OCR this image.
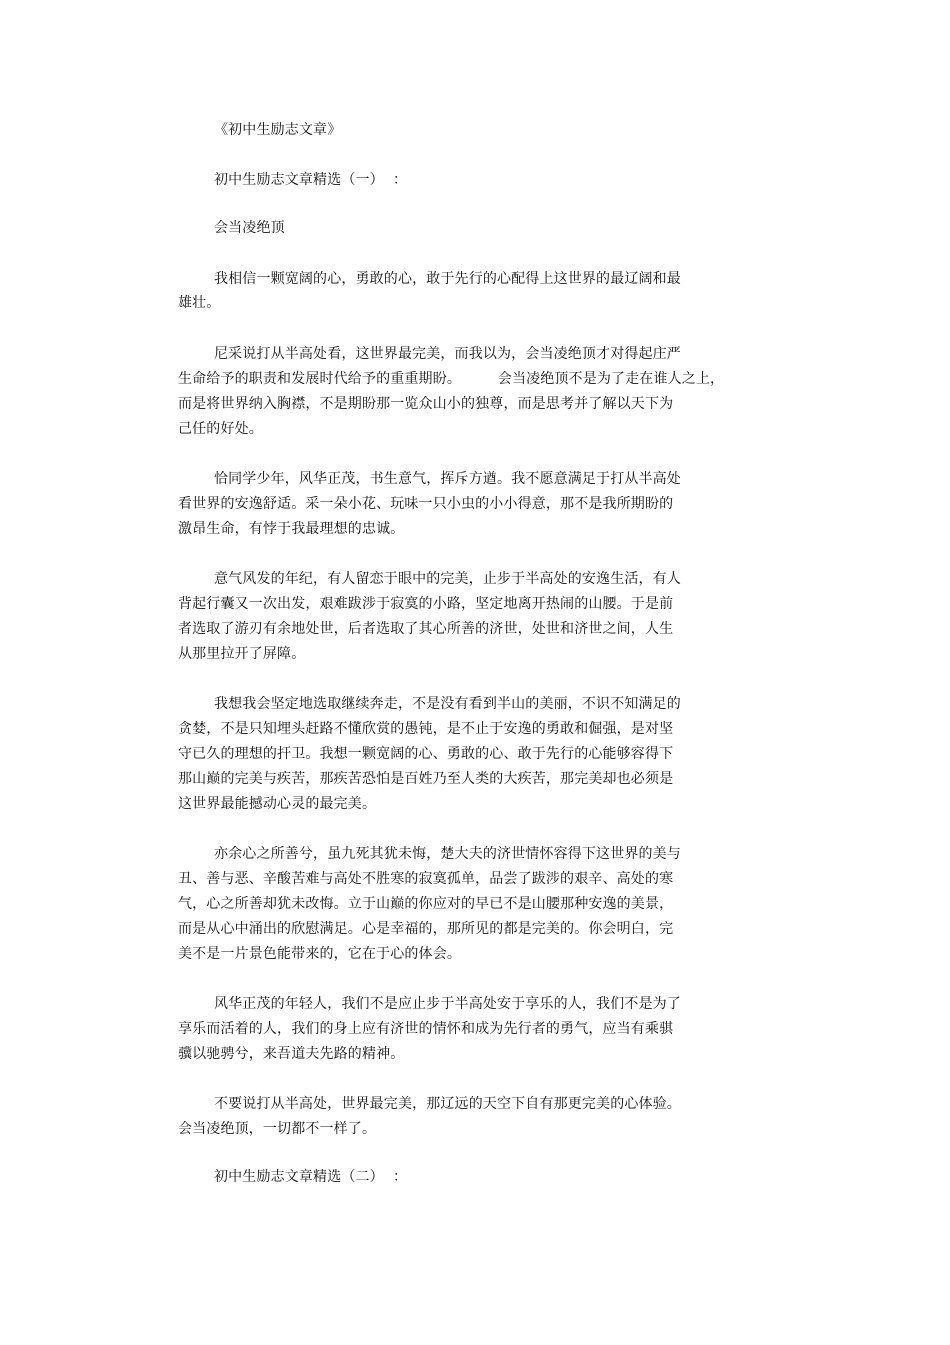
《初中生励志文章》
初中生励志文章精选（一）  ：
会当凌绝顶
我相信一颗宽阔的心，勇敢的心，敢于先行的心配得上这世界的最辽阔和最
雄壮。
尼采说打从半高处看，这世界最完美，而我以为，会当凌绝顶才对得起庄严
生命给予的职责和发展时代给予的重重期盼。        会当凌绝顶不是为了走在谁人之上，
而是将世界纳入胸襟，不是期盼那一览众山小的独尊，而是思考并了解以天下为
己任的好处。
恰同学少年，风华正茂，书生意气，挥斥方遒。我不愿意满足于打从半高处
看世界的安逸舒适。采一朵小花、玩味一只小虫的小小得意，那不是我所期盼的
激昂生命，有悖于我最理想的忠诚。
意气风发的年纪，有人留恋于眼中的完美，止步于半高处的安逸生活，有人
背起行囊又一次出发，艰难跋涉于寂寞的小路，坚定地离开热闹的山腰。于是前
者选取了游刃有余地处世，后者选取了其心所善的济世，处世和济世之间，人生
从那里拉开了屏障。
我想我会坚定地选取继续奔走，不是没有看到半山的美丽，不识不知满足的
贪婪，不是只知埋头赶路不懂欣赏的愚钝，是不止于安逸的勇敢和倔强，是对坚
守已久的理想的扞卫。我想一颗宽阔的心、勇敢的心、敢于先行的心能够容得下
那山巅的完美与疾苦，那疾苦恐怕是百姓乃至人类的大疾苦，那完美却也必须是
这世界最能撼动心灵的最完美。
亦余心之所善兮，虽九死其犹未悔，楚大夫的济世情怀容得下这世界的美与
丑、善与恶、辛酸苦难与高处不胜寒的寂寞孤单，品尝了跋涉的艰辛、高处的寒
气，心之所善却犹未改悔。立于山巅的你应对的早已不是山腰那种安逸的美景，
而是从心中涌出的欣慰满足。心是幸福的，那所见的都是完美的。你会明白，完
美不是一片景色能带来的，它在于心的体会。
风华正茂的年轻人，我们不是应止步于半高处安于享乐的人，我们不是为了
享乐而活着的人，我们的身上应有济世的情怀和成为先行者的勇气，应当有乘骐
骥以驰骋兮，来吾道夫先路的精神。
不要说打从半高处，世界最完美，那辽远的天空下自有那更完美的心体验。
会当凌绝顶，一切都不一样了。
初中生励志文章精选（二）  ：
